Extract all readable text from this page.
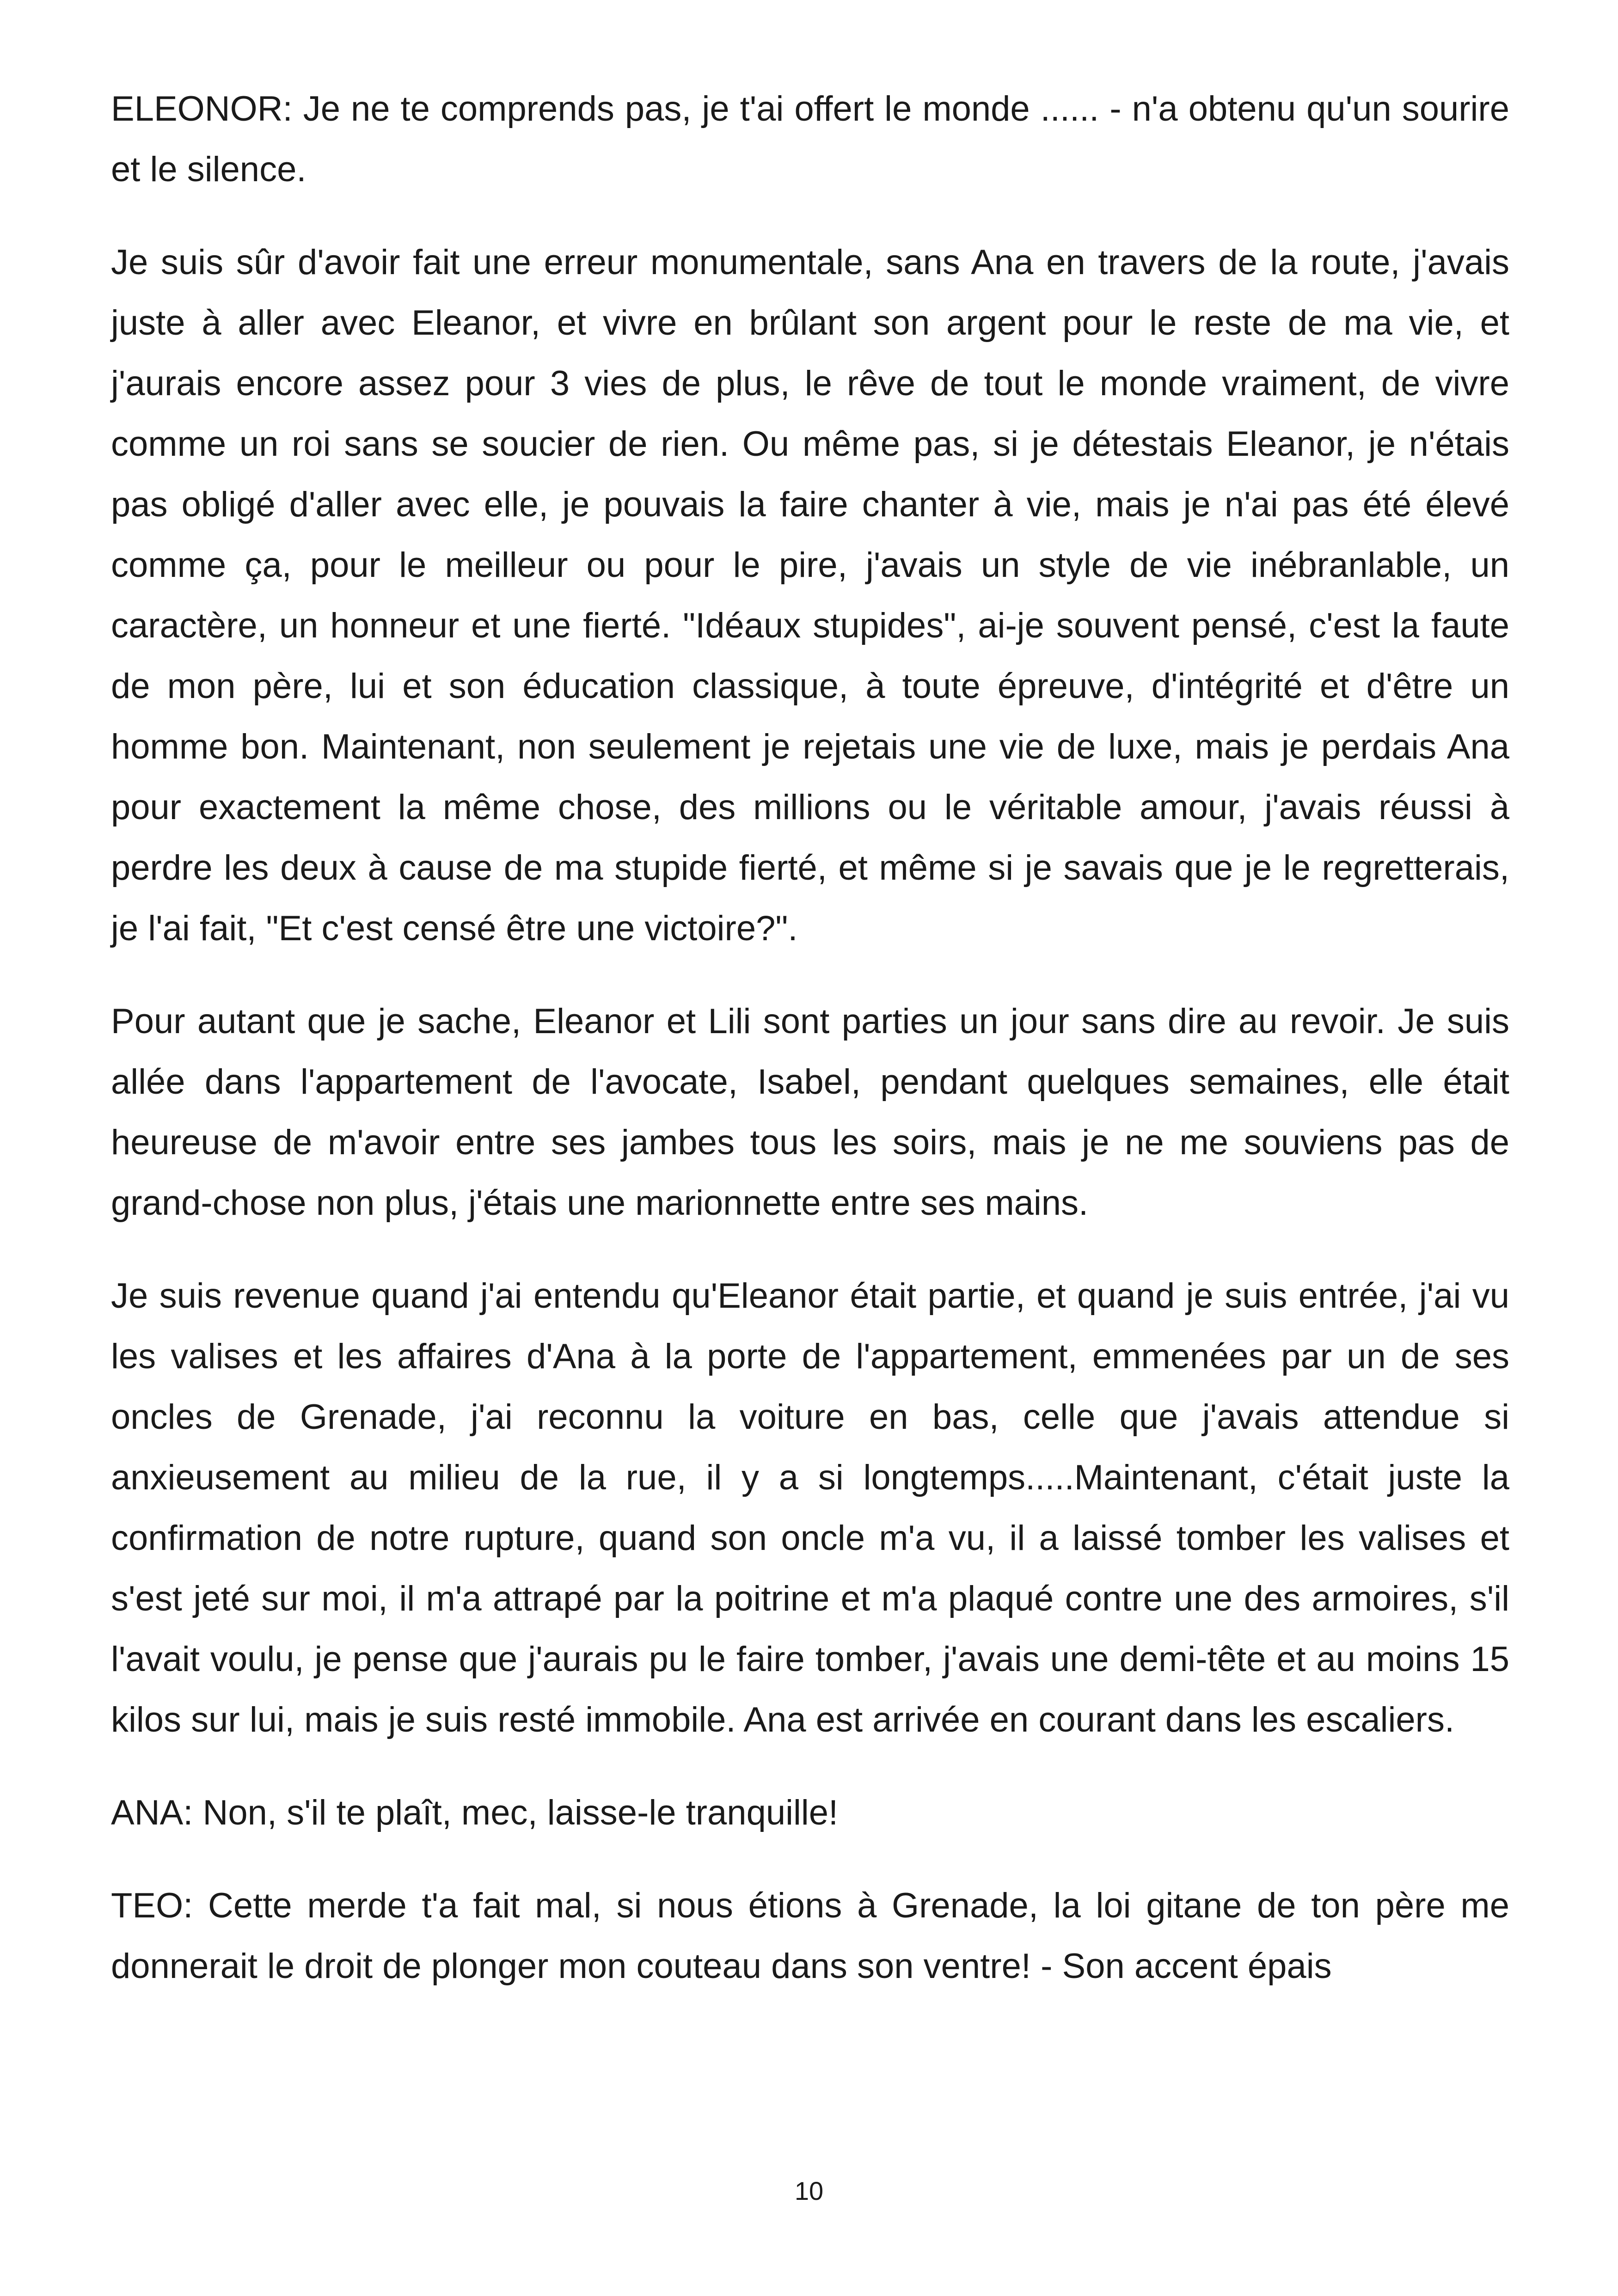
ELEONOR: Je ne te comprends pas, je t'ai offert le monde ...... - n'a obtenu qu'un sourire et le silence.

Je suis sûr d'avoir fait une erreur monumentale, sans Ana en travers de la route, j'avais juste à aller avec Eleanor, et vivre en brûlant son argent pour le reste de ma vie, et j'aurais encore assez pour 3 vies de plus, le rêve de tout le monde vraiment, de vivre comme un roi sans se soucier de rien. Ou même pas, si je détestais Eleanor, je n'étais pas obligé d'aller avec elle, je pouvais la faire chanter à vie, mais je n'ai pas été élevé comme ça, pour le meilleur ou pour le pire, j'avais un style de vie inébranlable, un caractère, un honneur et une fierté. "Idéaux stupides", ai-je souvent pensé, c'est la faute de mon père, lui et son éducation classique, à toute épreuve, d'intégrité et d'être un homme bon. Maintenant, non seulement je rejetais une vie de luxe, mais je perdais Ana pour exactement la même chose, des millions ou le véritable amour, j'avais réussi à perdre les deux à cause de ma stupide fierté, et même si je savais que je le regretterais, je l'ai fait, "Et c'est censé être une victoire?".

Pour autant que je sache, Eleanor et Lili sont parties un jour sans dire au revoir. Je suis allée dans l'appartement de l'avocate, Isabel, pendant quelques semaines, elle était heureuse de m'avoir entre ses jambes tous les soirs, mais je ne me souviens pas de grand-chose non plus, j'étais une marionnette entre ses mains.

Je suis revenue quand j'ai entendu qu'Eleanor était partie, et quand je suis entrée, j'ai vu les valises et les affaires d'Ana à la porte de l'appartement, emmenées par un de ses oncles de Grenade, j'ai reconnu la voiture en bas, celle que j'avais attendue si anxieusement au milieu de la rue, il y a si longtemps.....Maintenant, c'était juste la confirmation de notre rupture, quand son oncle m'a vu, il a laissé tomber les valises et s'est jeté sur moi, il m'a attrapé par la poitrine et m'a plaqué contre une des armoires, s'il l'avait voulu, je pense que j'aurais pu le faire tomber, j'avais une demi-tête et au moins 15 kilos sur lui, mais je suis resté immobile. Ana est arrivée en courant dans les escaliers.

ANA: Non, s'il te plaît, mec, laisse-le tranquille!

TEO: Cette merde t'a fait mal, si nous étions à Grenade, la loi gitane de ton père me donnerait le droit de plonger mon couteau dans son ventre! - Son accent épais

10
